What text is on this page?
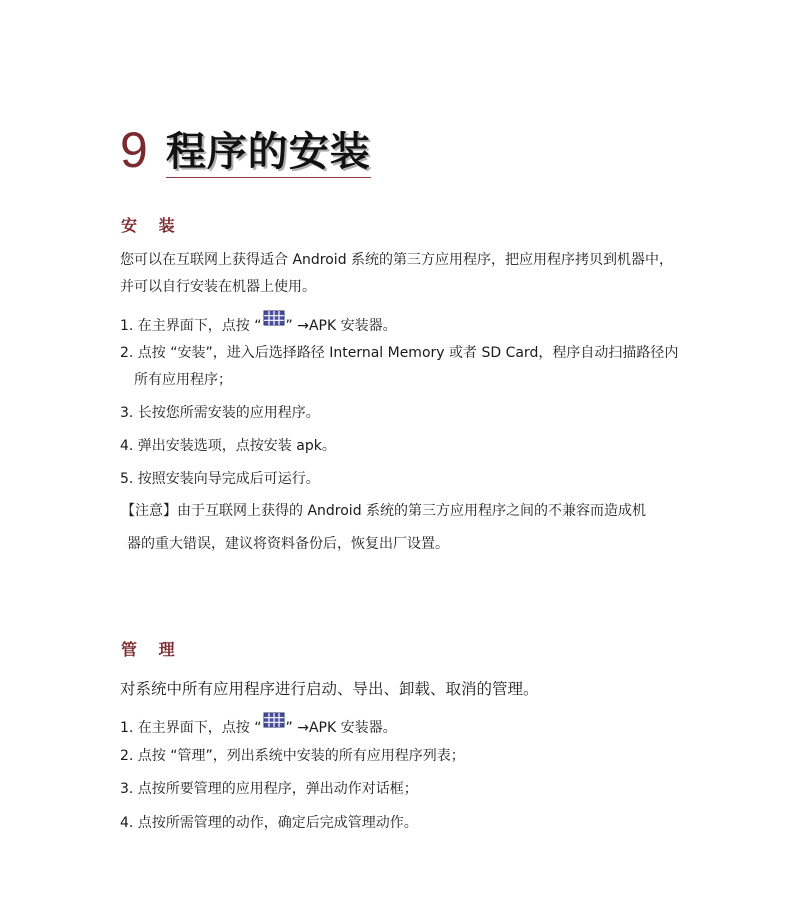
9 程序的安装
安 装
您可以在互联网上获得适合 Android 系统的第三方应用程序，把应用程序拷贝到机器中，
并可以自行安装在机器上使用。
1. 在主界面下，点按 “ ” →APK 安装器。
2. 点按 “安装”，进入后选择路径 Internal Memory 或者 SD Card，程序自动扫描路径内
所有应用程序；
3. 长按您所需安装的应用程序。
4. 弹出安装选项，点按安装 apk。
5. 按照安装向导完成后可运行。
【注意】由于互联网上获得的 Android 系统的第三方应用程序之间的不兼容而造成机
器的重大错误，建议将资料备份后，恢复出厂设置。
管 理
对系统中所有应用程序进行启动、导出、卸载、取消的管理。
1. 在主界面下，点按 “ ” →APK 安装器。
2. 点按 “管理”，列出系统中安装的所有应用程序列表；
3. 点按所要管理的应用程序，弹出动作对话框；
4. 点按所需管理的动作，确定后完成管理动作。
